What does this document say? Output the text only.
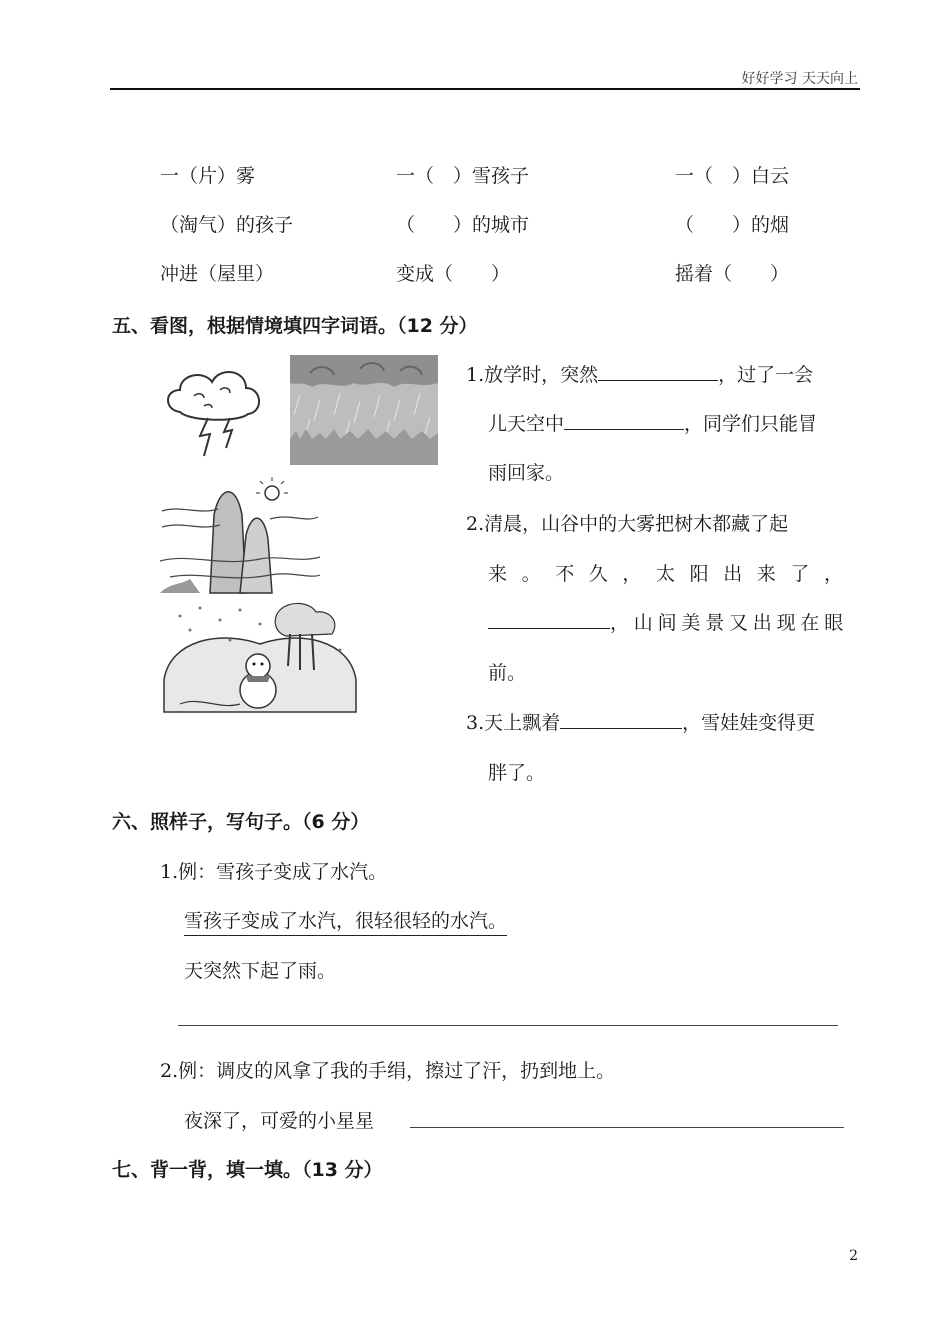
好好学习 天天向上
一（片）雾	一（　）雪孩子	一（　）白云
（淘气）的孩子	（　　）的城市	（　　）的烟
冲进（屋里）	变成（　　）	摇着（　　）
五、看图，根据情境填四字词语。（12 分）
1.放学时，突然	，过了一会
儿天空中	，同学们只能冒
雨回家。
2.清晨，山谷中的大雾把树木都藏了起
来。不久，太阳出来了，
，山间美景又出现在眼
前。
3.天上飘着	，雪娃娃变得更
胖了。
六、照样子，写句子。（6 分）
1.例：雪孩子变成了水汽。
雪孩子变成了水汽，很轻很轻的水汽。
天突然下起了雨。
2.例：调皮的风拿了我的手绢，擦过了汗，扔到地上。
夜深了，可爱的小星星
七、背一背，填一填。（13 分）
2
